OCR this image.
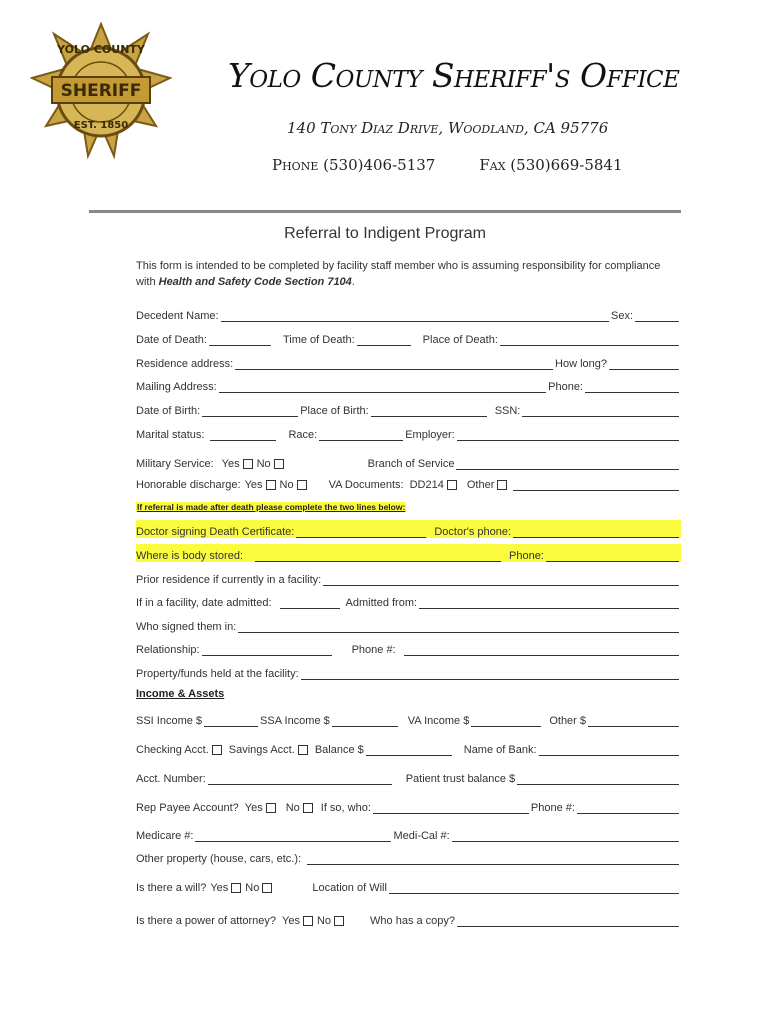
YOLO COUNTY
SHERIFF
EST. 1850
Yolo County Sheriff's Office
140 Tony Diaz Drive, Woodland, CA 95776
Phone (530)406-5137	Fax (530)669-5841
Referral to Indigent Program
This form is intended to be completed by facility staff member who is assuming responsibility for compliance with Health and Safety Code Section 7104.
Decedent Name:	Sex:
Date of Death:	Time of Death:	Place of Death:
Residence address:	How long?
Mailing Address:	Phone:
Date of Birth:	Place of Birth:	SSN:
Marital status:	Race:	Employer:
Military Service: Yes No	Branch of Service
Honorable discharge: Yes No	VA Documents: DD214 Other
If referral is made after death please complete the two lines below:
Doctor signing Death Certificate:	Doctor's phone:
Where is body stored:	Phone:
Prior residence if currently in a facility:
If in a facility, date admitted:	Admitted from:
Who signed them in:
Relationship:	Phone #:
Property/funds held at the facility:
Income & Assets
SSI Income $	SSA Income $	VA Income $	Other $
Checking Acct. Savings Acct. Balance $	Name of Bank:
Acct. Number:	Patient trust balance $
Rep Payee Account? Yes No If so, who:	Phone #:
Medicare #:	Medi-Cal #:
Other property (house, cars, etc.):
Is there a will? Yes No	Location of Will
Is there a power of attorney? Yes No	Who has a copy?
